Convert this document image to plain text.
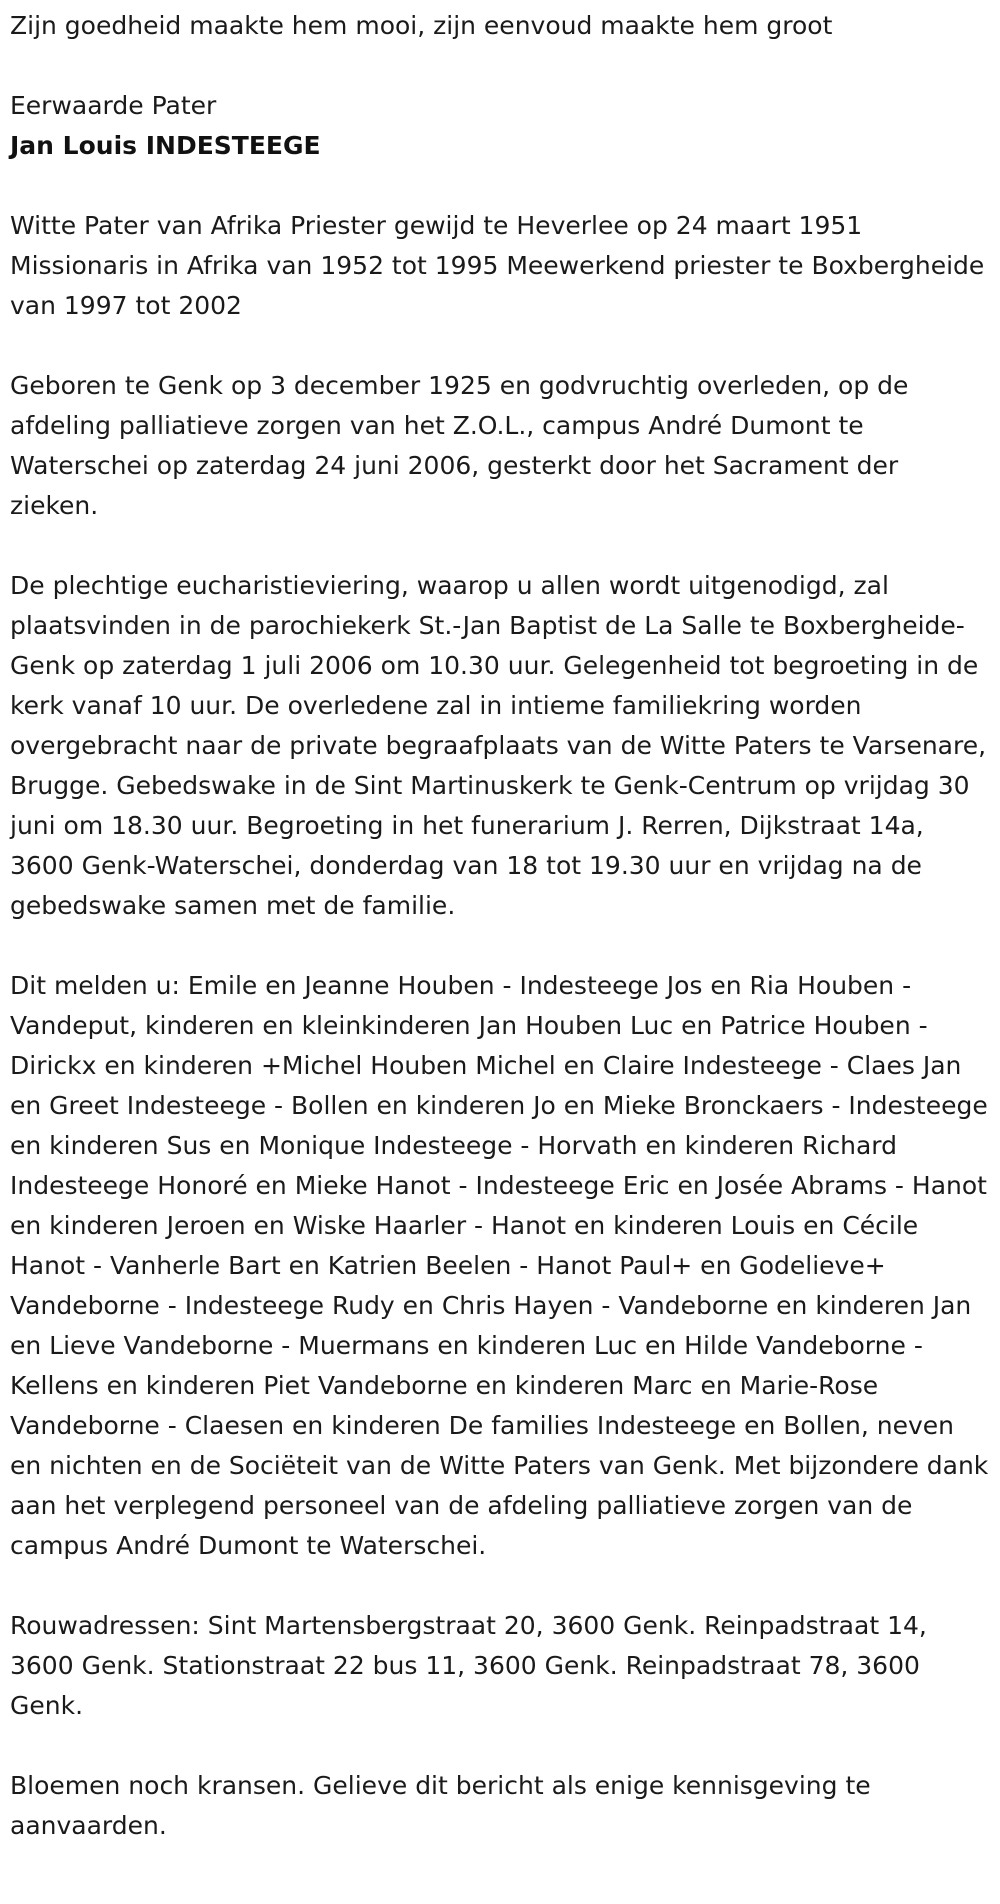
Zijn goedheid maakte hem mooi, zijn eenvoud maakte hem groot

Eerwaarde Pater

Jan Louis INDESTEEGE

Witte Pater van Afrika Priester gewijd te Heverlee op 24 maart 1951 Missionaris in Afrika van 1952 tot 1995 Meewerkend priester te Boxbergheide van 1997 tot 2002

Geboren te Genk op 3 december 1925 en godvruchtig overleden, op de afdeling palliatieve zorgen van het Z.O.L., campus André Dumont te Waterschei op zaterdag 24 juni 2006, gesterkt door het Sacrament der zieken.

De plechtige eucharistieviering, waarop u allen wordt uitgenodigd, zal plaatsvinden in de parochiekerk St.-Jan Baptist de La Salle te Boxbergheide-Genk op zaterdag 1 juli 2006 om 10.30 uur. Gelegenheid tot begroeting in de kerk vanaf 10 uur. De overledene zal in intieme familiekring worden overgebracht naar de private begraafplaats van de Witte Paters te Varsenare, Brugge. Gebedswake in de Sint Martinuskerk te Genk-Centrum op vrijdag 30 juni om 18.30 uur. Begroeting in het funerarium J. Rerren, Dijkstraat 14a, 3600 Genk-Waterschei, donderdag van 18 tot 19.30 uur en vrijdag na de gebedswake samen met de familie.

Dit melden u: Emile en Jeanne Houben - Indesteege Jos en Ria Houben - Vandeput, kinderen en kleinkinderen Jan Houben Luc en Patrice Houben - Dirickx en kinderen +Michel Houben Michel en Claire Indesteege - Claes Jan en Greet Indesteege - Bollen en kinderen Jo en Mieke Bronckaers - Indesteege en kinderen Sus en Monique Indesteege - Horvath en kinderen Richard Indesteege Honoré en Mieke Hanot - Indesteege Eric en Josée Abrams - Hanot en kinderen Jeroen en Wiske Haarler - Hanot en kinderen Louis en Cécile Hanot - Vanherle Bart en Katrien Beelen - Hanot Paul+ en Godelieve+ Vandeborne - Indesteege Rudy en Chris Hayen - Vandeborne en kinderen Jan en Lieve Vandeborne - Muermans en kinderen Luc en Hilde Vandeborne - Kellens en kinderen Piet Vandeborne en kinderen Marc en Marie-Rose Vandeborne - Claesen en kinderen De families Indesteege en Bollen, neven en nichten en de Sociëteit van de Witte Paters van Genk. Met bijzondere dank aan het verplegend personeel van de afdeling palliatieve zorgen van de campus André Dumont te Waterschei.

Rouwadressen: Sint Martensbergstraat 20, 3600 Genk. Reinpadstraat 14, 3600 Genk. Stationstraat 22 bus 11, 3600 Genk. Reinpadstraat 78, 3600 Genk.

Bloemen noch kransen. Gelieve dit bericht als enige kennisgeving te aanvaarden.
